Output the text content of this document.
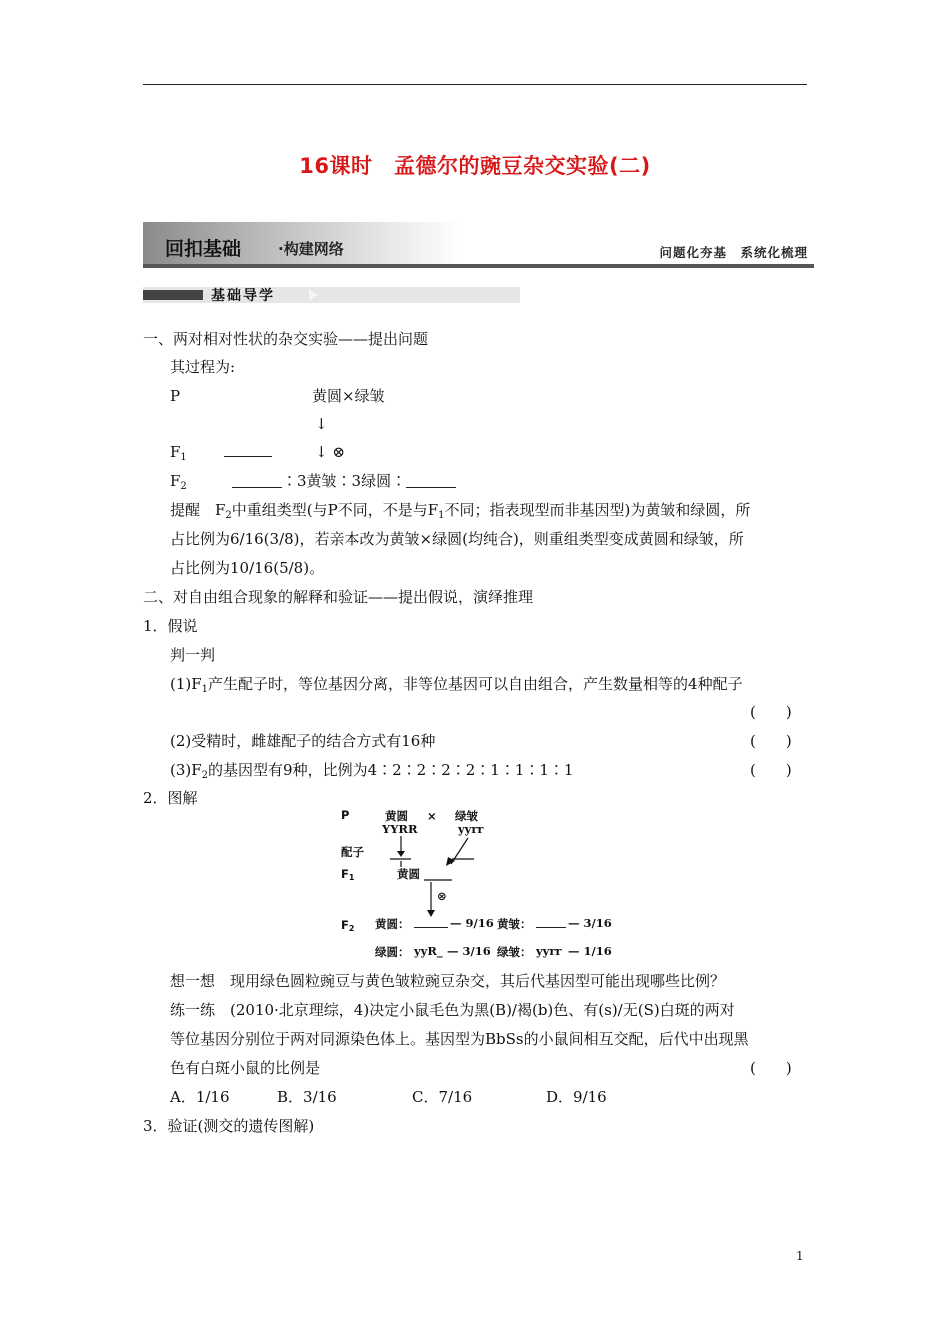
16课时　孟德尔的豌豆杂交实验(二)
回扣基础 ·构建网络	问题化夯基　系统化梳理
基础导学
一、两对相对性状的杂交实验——提出问题
其过程为:
P	黄圆×绿皱
↓
$F_1$	↓ ⊗
$F_2$	∶3黄皱∶3绿圆∶
提醒　$F_2$中重组类型(与P不同，不是与$F_1$不同；指表现型而非基因型)为黄皱和绿圆，所
占比例为6/16(3/8)，若亲本改为黄皱×绿圆(均纯合)，则重组类型变成黄圆和绿皱，所
占比例为10/16(5/8)。
二、对自由组合现象的解释和验证——提出假说，演绎推理
1．假说
判一判
$(1)F_1$产生配子时，等位基因分离，非等位基因可以自由组合，产生数量相等的4种配子
(　　)
(2)受精时，雌雄配子的结合方式有16种	(　　)
$(3)F_2$的基因型有9种，比例为4∶2∶2∶2∶2∶1∶1∶1∶1	(　　)
2．图解
P	黄圆
YYRR
× 绿皱
yyrr
配子
F1	黄圆
⊗
F2 黄圆：	— 9/16 黄皱：	— 3/16
绿圆： yyR_ — 3/16 绿皱： yyrr — 1/16
想一想　现用绿色圆粒豌豆与黄色皱粒豌豆杂交，其后代基因型可能出现哪些比例？
练一练　(2010·北京理综，4)决定小鼠毛色为黑(B)/褐(b)色、有(s)/无(S)白斑的两对
等位基因分别位于两对同源染色体上。基因型为BbSs的小鼠间相互交配，后代中出现黑
色有白斑小鼠的比例是	(　　)
A．1/16	B．3/16	C．7/16	D．9/16
3．验证(测交的遗传图解)
1
